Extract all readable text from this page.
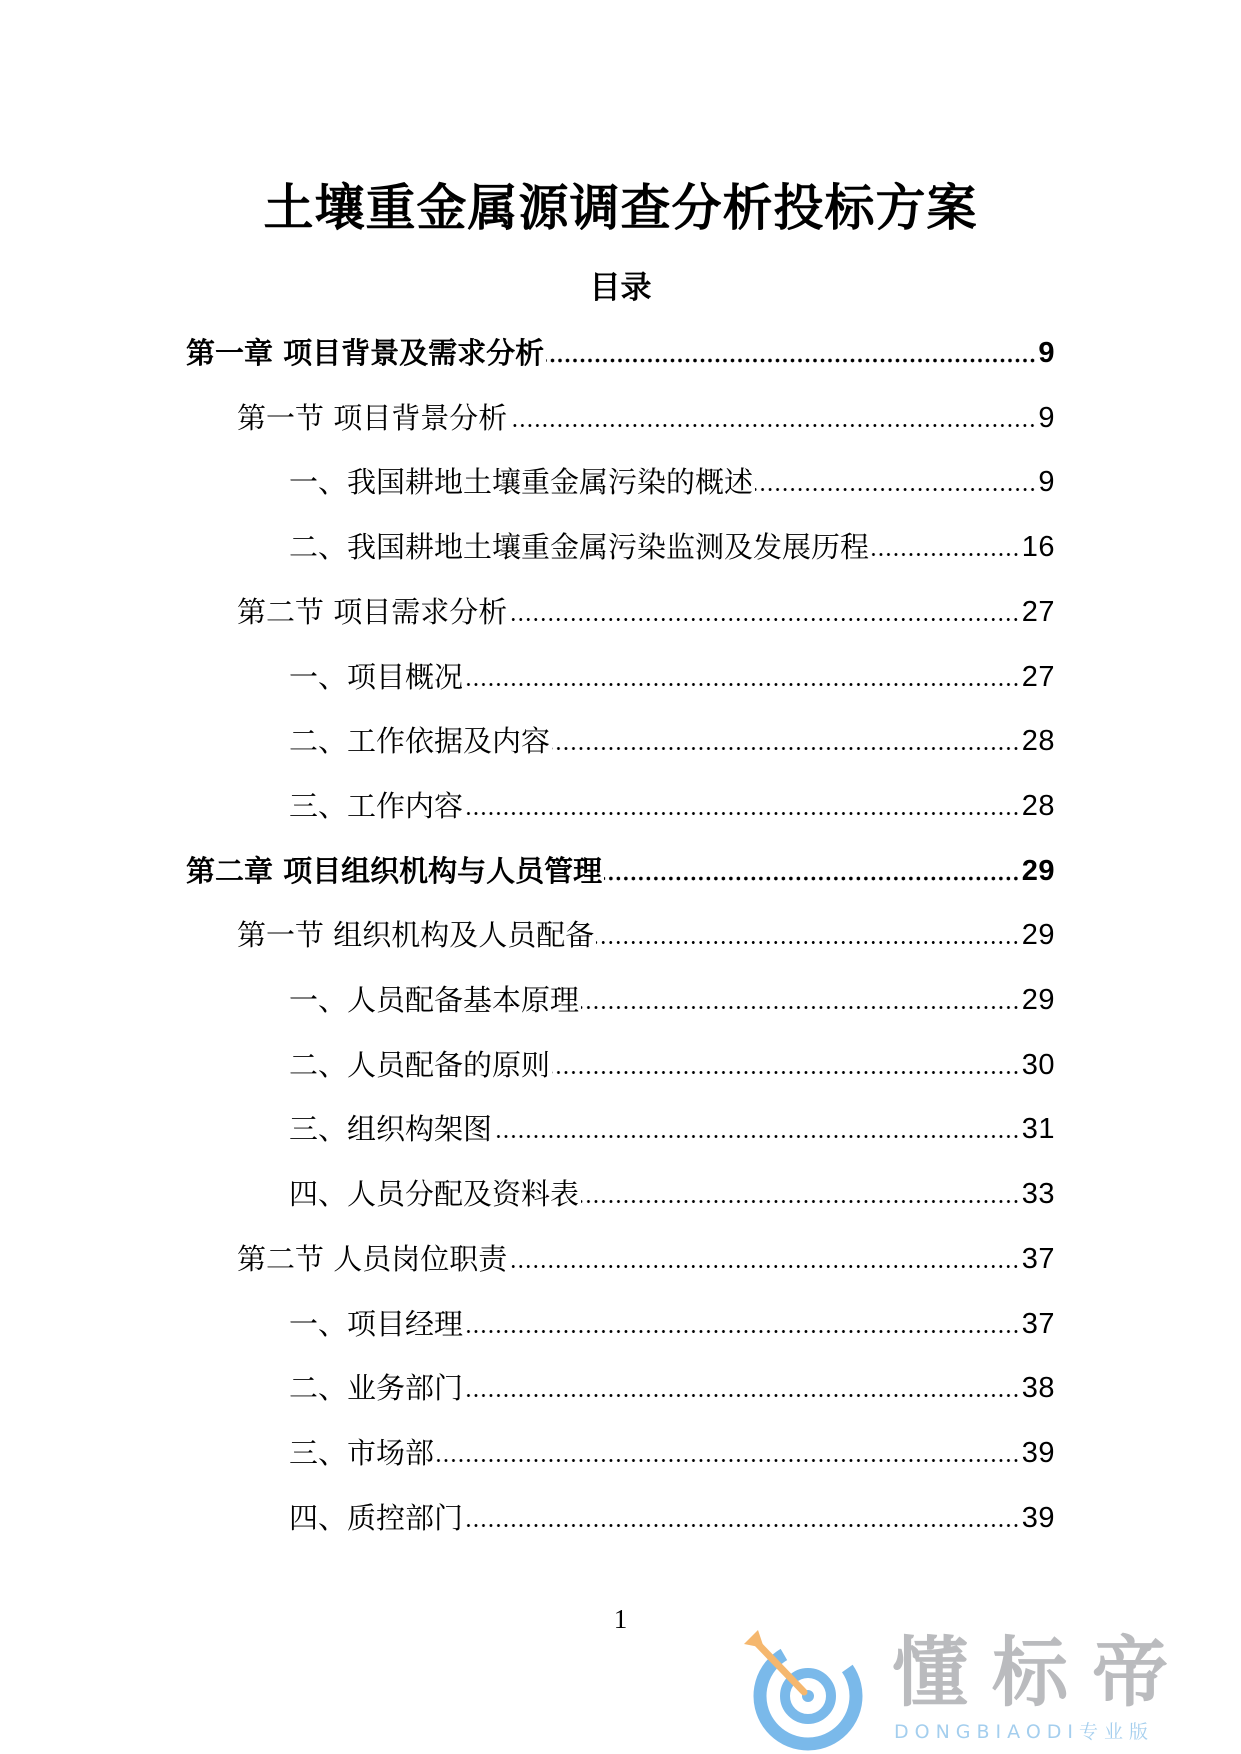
土壤重金属源调查分析投标方案
目录
第一章 项目背景及需求分析	9
第一节 项目背景分析	9
一、我国耕地土壤重金属污染的概述	9
二、我国耕地土壤重金属污染监测及发展历程	16
第二节 项目需求分析	27
一、项目概况	27
二、工作依据及内容	28
三、工作内容	28
第二章 项目组织机构与人员管理	29
第一节 组织机构及人员配备	29
一、人员配备基本原理	29
二、人员配备的原则	30
三、组织构架图	31
四、人员分配及资料表	33
第二节 人员岗位职责	37
一、项目经理	37
二、业务部门	38
三、市场部	39
四、质控部门	39
1
懂标帝
DONGBIAODI专业版
